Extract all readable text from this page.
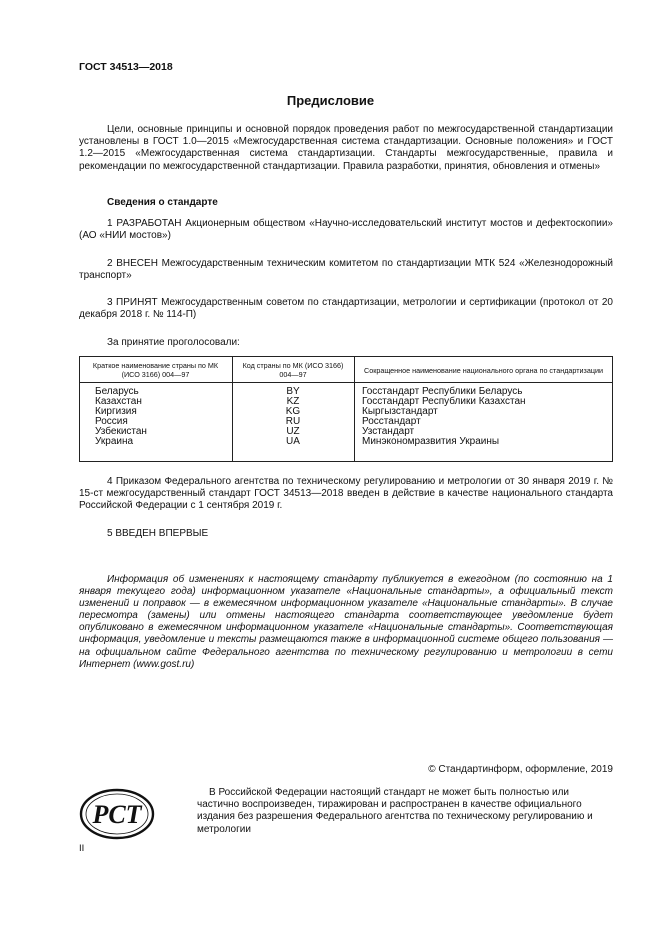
ГОСТ 34513—2018
Предисловие
Цели, основные принципы и основной порядок проведения работ по межгосударственной стандартизации установлены в ГОСТ 1.0—2015 «Межгосударственная система стандартизации. Основные положения» и ГОСТ 1.2—2015 «Межгосударственная система стандартизации. Стандарты межгосударственные, правила и рекомендации по межгосударственной стандартизации. Правила разработки, принятия, обновления и отмены»
Сведения о стандарте
1 РАЗРАБОТАН Акционерным обществом «Научно-исследовательский институт мостов и дефектоскопии» (АО «НИИ мостов»)
2 ВНЕСЕН Межгосударственным техническим комитетом по стандартизации МТК 524 «Железнодорожный транспорт»
3 ПРИНЯТ Межгосударственным советом по стандартизации, метрологии и сертификации (протокол от 20 декабря 2018 г. № 114-П)
За принятие проголосовали:
Краткое наименование страны по МК (ИСО 3166) 004—97	Код страны по МК (ИСО 3166) 004—97	Сокращенное наименование национального органа по стандартизации
Беларусь	BY	Госстандарт Республики Беларусь
Казахстан	KZ	Госстандарт Республики Казахстан
Киргизия	KG	Кыргызстандарт
Россия	RU	Росстандарт
Узбекистан	UZ	Узстандарт
Украина	UA	Минэкономразвития Украины
4 Приказом Федерального агентства по техническому регулированию и метрологии от 30 января 2019 г. № 15-ст межгосударственный стандарт ГОСТ 34513—2018 введен в действие в качестве национального стандарта Российской Федерации с 1 сентября 2019 г.
5 ВВЕДЕН ВПЕРВЫЕ
Информация об изменениях к настоящему стандарту публикуется в ежегодном (по состоянию на 1 января текущего года) информационном указателе «Национальные стандарты», а официальный текст изменений и поправок — в ежемесячном информационном указателе «Национальные стандарты». В случае пересмотра (замены) или отмены настоящего стандарта соответствующее уведомление будет опубликовано в ежемесячном информационном указателе «Национальные стандарты». Соответствующая информация, уведомление и тексты размещаются также в информационной системе общего пользования — на официальном сайте Федерального агентства по техническому регулированию и метрологии в сети Интернет (www.gost.ru)
© Стандартинформ, оформление, 2019
РСТ
В Российской Федерации настоящий стандарт не может быть полностью или частично воспроизведен, тиражирован и распространен в качестве официального издания без разрешения Федерального агентства по техническому регулированию и метрологии
II
